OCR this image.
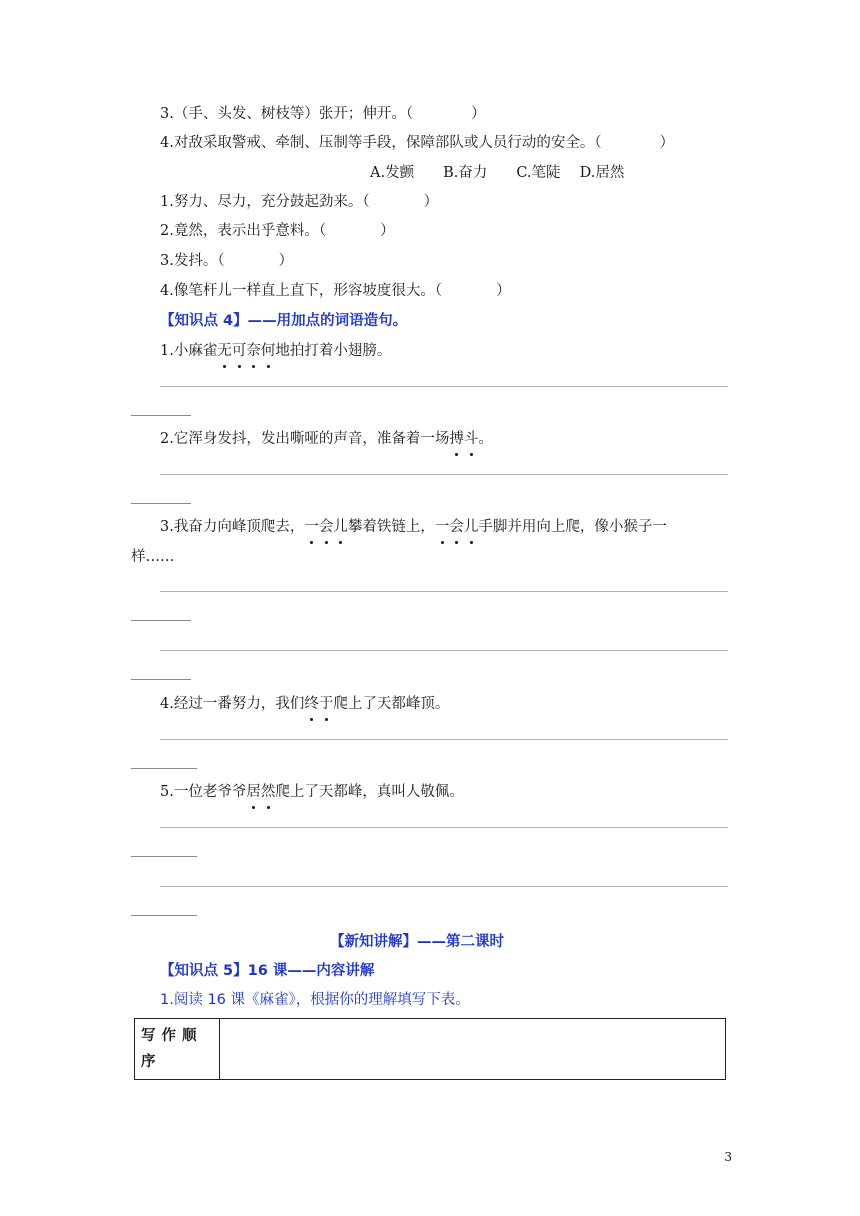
3.（手、头发、树枝等）张开；伸开。（	）
4.对敌采取警戒、牵制、压制等手段，保障部队或人员行动的安全。（	）
A.发颤　　B.奋力　　C.笔陡　 D.居然
1.努力、尽力，充分鼓起劲来。（	）
2.竟然，表示出乎意料。（	）
3.发抖。（	）
4.像笔杆儿一样直上直下，形容坡度很大。（	）
【知识点 4】——用加点的词语造句。
1.小麻雀无可奈何地拍打着小翅膀。
2.它浑身发抖，发出嘶哑的声音，准备着一场搏斗。
3.我奋力向峰顶爬去，一会儿攀着铁链上，一会儿手脚并用向上爬，像小猴子一
样……
4.经过一番努力，我们终于爬上了天都峰顶。
5.一位老爷爷居然爬上了天都峰，真叫人敬佩。
【新知讲解】——第二课时
【知识点 5】16 课——内容讲解
1.阅读 16 课《麻雀》，根据你的理解填写下表。
写作顺序	
3
